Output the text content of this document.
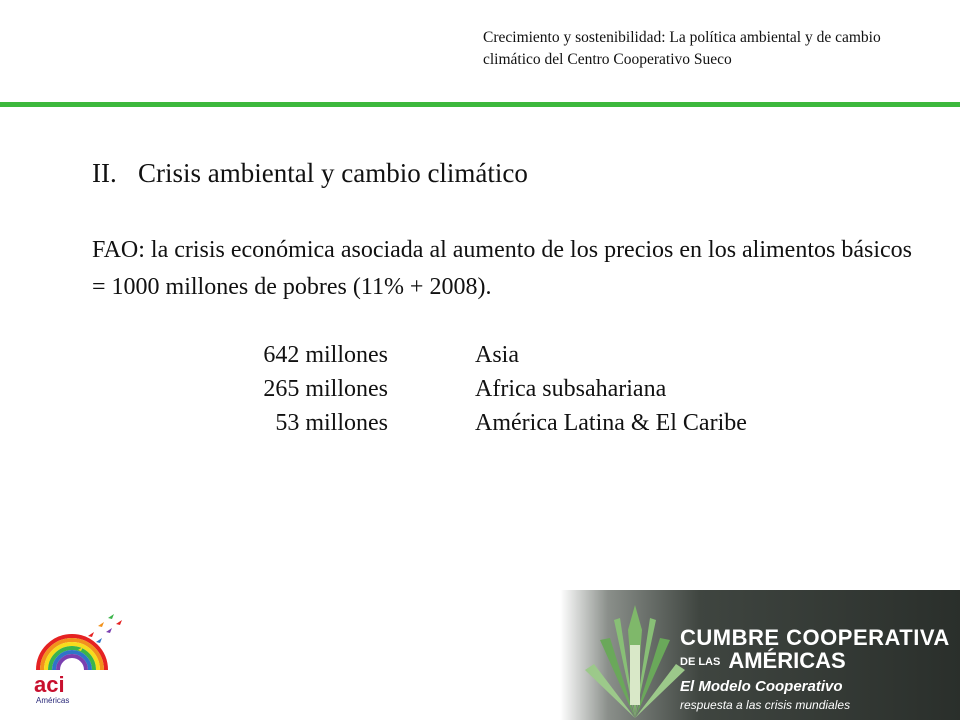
Crecimiento y sostenibilidad: La política ambiental y de cambio climático del Centro Cooperativo Sueco
II. Crisis ambiental y cambio climático
FAO: la crisis económica asociada al aumento de los precios en los alimentos básicos = 1000 millones de pobres (11% + 2008).
642 millones	Asia
265 millones	Africa subsahariana
53 millones	América Latina & El Caribe
aci
Américas
CUMBRE COOPERATIVA
DE LAS AMÉRICAS
El Modelo Cooperativo
respuesta a las crisis mundiales
